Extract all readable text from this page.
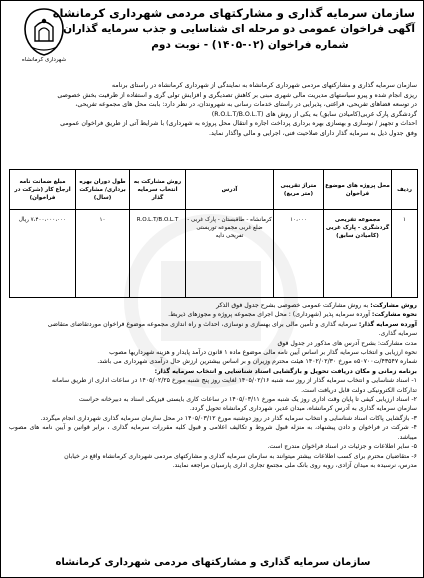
سازمان سرمایه گذاری و مشارکتهای مردمی شهرداری کرمانشاه
آگهی فراخوان عمومی دو مرحله ای شناسایی و جذب سرمایه گذاران
شماره فراخوان (۰۲-۱۴۰۵) - نوبت دوم
شهرداری کرمانشاه

سازمان سرمایه گذاری و مشارکتهای مردمی شهرداری کرمانشاه به نمایندگی از شهرداری کرمانشاه در راستای برنامه

ریزی انجام شده و پیرو سیاستهای مدیریت مالی شهری مبنی بر کاهش تصدیگری و افزایش تولی گری و استفاده از ظرفیت بخش خصوصی

در توسعه فضاهای تفریحی، فراغتی، پذیرایی در راستای خدمات رسانی به شهروندان، در نظر دارد: بابت محل های مجموعه تفریحی،

گردشگری پارک غربی(کامیادن سابق) به یکی از روش های (R.O.L.T/B.O.L.T)

احداث و تجهیز / نوسازی و بهسازی بهره برداری پرداخت اجاره و انتقال محل پروژه به شهرداری) با شرایط آتی از طریق فراخوان عمومی

وفق جدول ذیل به سرمایه گذار دارای صلاحیت فنی، اجرایی و مالی واگذار نماید.

ردیف	محل پروژه های موضوع فراخوان	متراژ تقریبی (متر مربع)	آدرس	روش مشارکت به انتخاب سرمایه گذار	طول دوران بهره برداری/ مشارکت (سال)	مبلغ ضمانت نامه ارجاع کار (شرکت در فراخوان)
۱	مجموعه تفریحی گردشگری - پارک غربی (کامیادن سابق)	۱۰،۰۰۰	کرمانشاه - طاقبستان - پارک غربی - ضلع غربی مجموعه توریستی تفریحی دایه	R.O.L.T/B.O.L.T	۱۰	۷،۴۰۰،۰۰۰،۰۰۰ ریال

روش مشارکت: به روش مشارکت عمومی خصوصی بشرح جدول فوق الذکر

نحوه مشارکت: آورده سرمایه پذیر (شهرداری) : محل اجرای مجموعه پروژه و مجوزهای ذیربط.

آورده سرمایه گذار: سرمایه گذاری و تأمین مالی برای بهسازی و نوسازی، احداث و راه اندازی مجموعه موضوع فراخوان موردتقاضای متقاضی

سرمایه گذاری.

مدت مشارکت: بشرح آدرس های مذکور در جدول فوق

نحوه ارزیابی و انتخاب سرمایه گذار بر اساس آیین نامه مالی موضوع ماده ۱ قانون درآمد پایدار و هزینه شهرداریها مصوب

شماره ۴۳۵۴۷/ت۵۰۷۰۰ه مورخ ۱۴۰۲/۰۲/۳۰ هیئت محترم وزیران و بر اساس بیشترین ارزش حال درآمدی شهرداری می باشد.

برنامه زمانی و مکان دریافت تحویل و بازگشایی اسناد شناسایی و انتخاب سرمایه گذار:

۱- اسناد شناسایی و انتخاب سرمایه گذار از روز سه شنبه ۱۴۰۵/۰۲/۱۶ لغایت روز پنج شنبه مورخ ۱۴۰۵/۰۲/۲۵ در ساعات اداری از طریق سامانه

تدارکات الکترونیکی دولت قابل دریافت است.

۲- اسناد ارزیابی کیفی تا پایان وقت اداری روز یک شنبه مورخ ۱۴۰۵/۰۳/۱۱ در ساعات کاری بایستی فیزیکی اسناد به دبیرخانه حراست

سازمان سرمایه گذاری به آدرس کرمانشاه، میدان غدیر، شهرداری کرمانشاه تحویل گردد.

۳- بازگشایی پاکات اسناد شناسایی و انتخاب سرمایه گذار در روز دوشنبه مورخ ۱۴۰۵/۰۳/۱۲ در محل سازمان سرمایه گذاری شهرداری انجام میگردد.

۴- شرکت در فراخوان و دادن پیشنهاد، به منزله قبول شروط و تکالیف اعلامی و قبول کلیه مقررات سرمایه گذاری ، برابر قوانین و آیین نامه های مصوب میباشد.

۵- سایر اطلاعات و جزئیات در اسناد فراخوان مندرج است.

۶- متقاضیان محترم برای کسب اطلاعات بیشتر میتوانند به سازمان سرمایه گذاری و مشارکتهای مردمی شهرداری کرمانشاه واقع در خیابان

مدرس، نرسیده به میدان آزادی، روبه روی بانک ملی مجتمع تجاری اداری پارسیان مراجعه نمایند.

سازمان سرمایه گذاری و مشارکتهای مردمی شهرداری کرمانشاه
